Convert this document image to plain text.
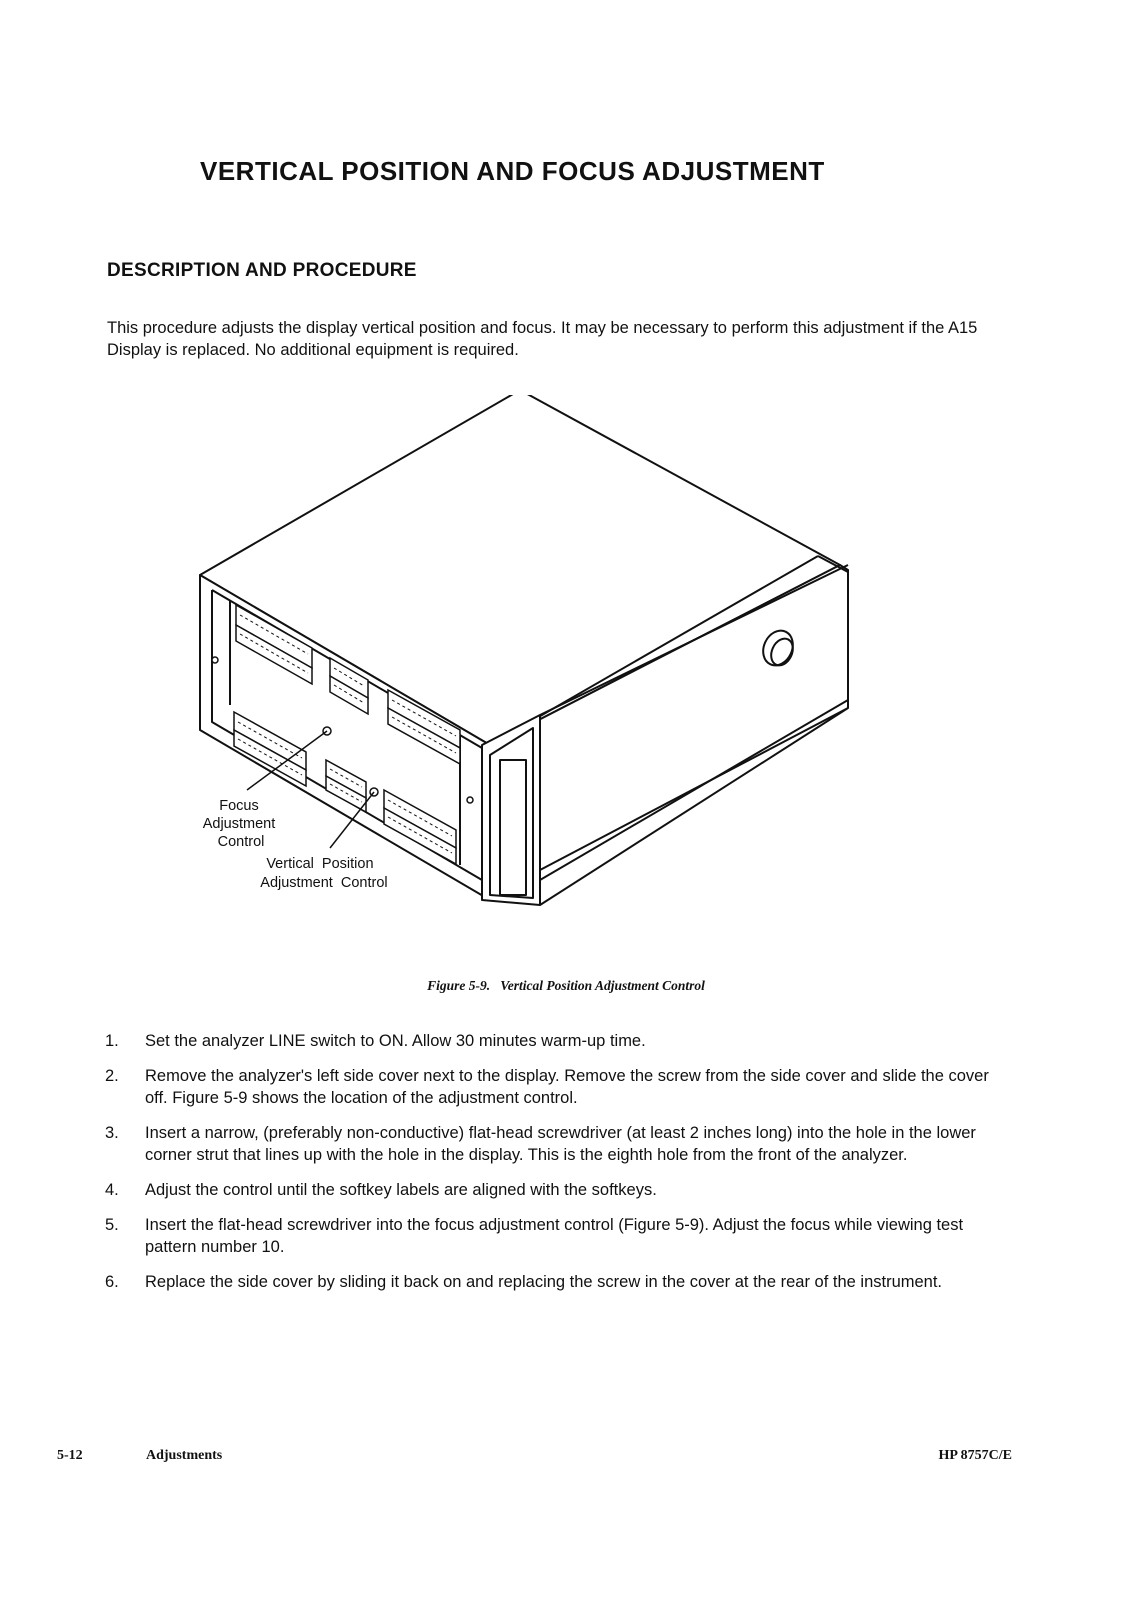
VERTICAL POSITION AND FOCUS ADJUSTMENT
DESCRIPTION AND PROCEDURE

This procedure adjusts the display vertical position and focus. It may be necessary to perform this adjustment if the A15 Display is replaced. No additional equipment is required.

Focus Adjustment Control
Vertical  Position Adjustment  Control
Figure 5-9. Vertical Position Adjustment Control
1.	Set the analyzer LINE switch to ON. Allow 30 minutes warm-up time.
2.	Remove the analyzer's left side cover next to the display. Remove the screw from the side cover and slide the cover off. Figure 5-9 shows the location of the adjustment control.
3.	Insert a narrow, (preferably non-conductive) flat-head screwdriver (at least 2 inches long) into the hole in the lower corner strut that lines up with the hole in the display. This is the eighth hole from the front of the analyzer.
4.	Adjust the control until the softkey labels are aligned with the softkeys.
5.	Insert the flat-head screwdriver into the focus adjustment control (Figure 5-9). Adjust the focus while viewing test pattern number 10.
6.	Replace the side cover by sliding it back on and replacing the screw in the cover at the rear of the instrument.
5-12	Adjustments	HP 8757C/E
